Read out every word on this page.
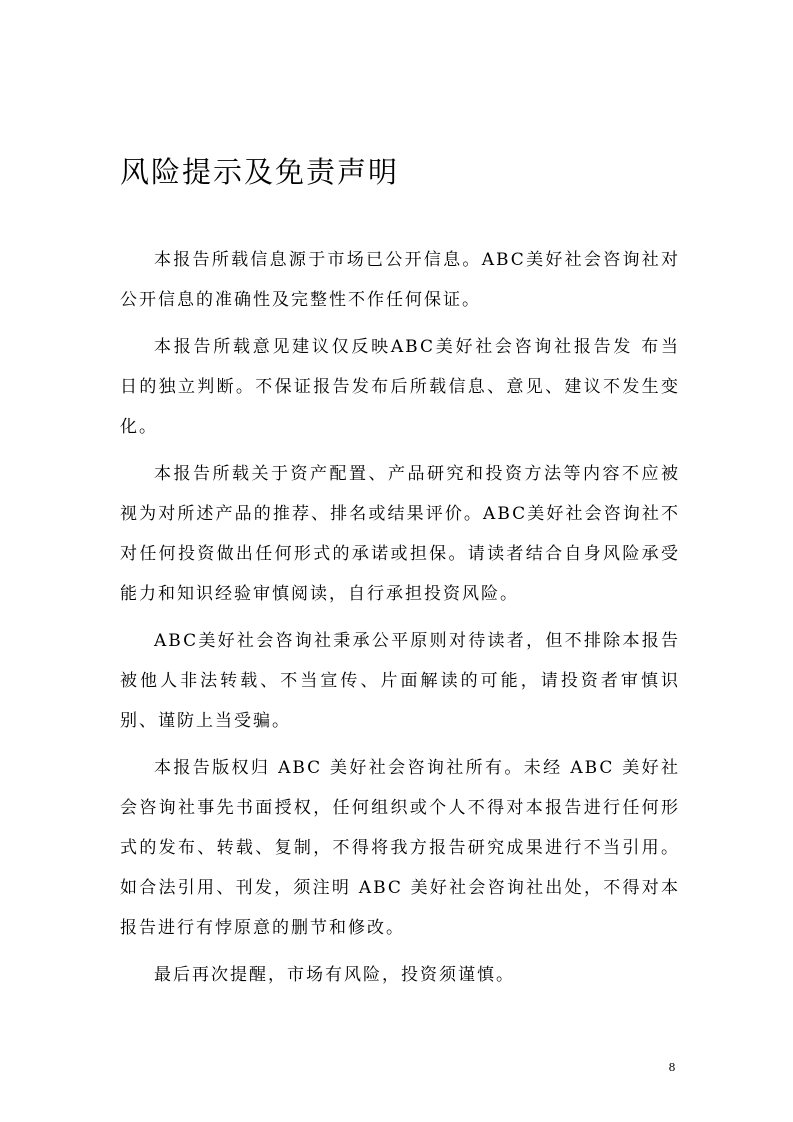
风险提示及免责声明

本报告所载信息源于市场已公开信息。ABC美好社会咨询社对公开信息的准确性及完整性不作任何保证。

本报告所载意见建议仅反映ABC美好社会咨询社报告发 布当日的独立判断。不保证报告发布后所载信息、意见、建议不发生变化。

本报告所载关于资产配置、产品研究和投资方法等内容不应被视为对所述产品的推荐、排名或结果评价。ABC美好社会咨询社不对任何投资做出任何形式的承诺或担保。请读者结合自身风险承受能力和知识经验审慎阅读，自行承担投资风险。

ABC美好社会咨询社秉承公平原则对待读者，但不排除本报告被他人非法转载、不当宣传、片面解读的可能，请投资者审慎识别、谨防上当受骗。

本报告版权归 ABC 美好社会咨询社所有。未经 ABC 美好社会咨询社事先书面授权，任何组织或个人不得对本报告进行任何形式的发布、转载、复制，不得将我方报告研究成果进行不当引用。如合法引用、刊发，须注明 ABC 美好社会咨询社出处，不得对本报告进行有悖原意的删节和修改。

最后再次提醒，市场有风险，投资须谨慎。

8
